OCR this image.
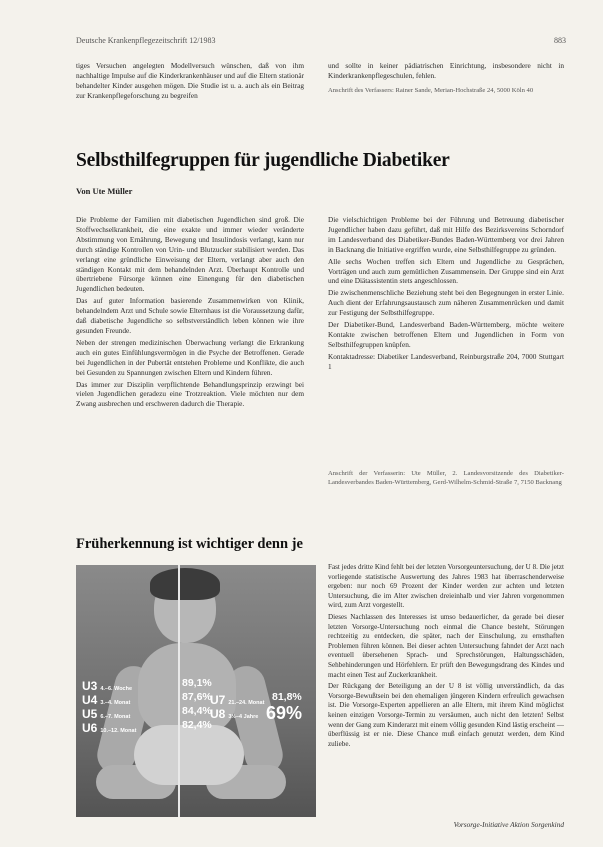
Deutsche Krankenpflegezeitschrift 12/1983	883

tiges Versuchen angelegten Modellversuch wünschen, daß von ihm nachhaltige Impulse auf die Kinderkrankenhäuser und auf die Eltern stationär behandelter Kinder ausgehen mögen. Die Studie ist u. a. auch als ein Beitrag zur Krankenpflegeforschung zu begreifen

und sollte in keiner pädiatrischen Einrichtung, insbesondere nicht in Kinderkrankenpflegeschulen, fehlen.

Anschrift des Verfassers: Rainer Sande, Merian-Hochstraße 24, 5000 Köln 40

Selbsthilfegruppen für jugendliche Diabetiker
Von Ute Müller

Die Probleme der Familien mit diabetischen Jugendlichen sind groß. Die Stoffwechselkrankheit, die eine exakte und immer wieder veränderte Abstimmung von Ernährung, Bewegung und Insulindosis verlangt, kann nur durch ständige Kontrollen von Urin- und Blutzucker stabilisiert werden. Das verlangt eine gründliche Einweisung der Eltern, verlangt aber auch den ständigen Kontakt mit dem behandelnden Arzt. Überhaupt Kontrolle und übertriebene Fürsorge können eine Einengung für den diabetischen Jugendlichen bedeuten.

Das auf guter Information basierende Zusammenwirken von Klinik, behandelndem Arzt und Schule sowie Elternhaus ist die Voraussetzung dafür, daß diabetische Jugendliche so selbstverständlich leben können wie ihre gesunden Freunde.

Neben der strengen medizinischen Überwachung verlangt die Erkrankung auch ein gutes Einfühlungsvermögen in die Psyche der Betroffenen. Gerade bei Jugendlichen in der Pubertät entstehen Probleme und Konflikte, die auch bei Gesunden zu Spannungen zwischen Eltern und Kindern führen.

Das immer zur Disziplin verpflichtende Behandlungsprinzip erzwingt bei vielen Jugendlichen geradezu eine Trotzreaktion. Viele möchten nur dem Zwang ausbrechen und erschweren dadurch die Therapie.

Die vielschichtigen Probleme bei der Führung und Betreuung diabetischer Jugendlicher haben dazu geführt, daß mit Hilfe des Bezirksvereins Schorndorf im Landesverband des Diabetiker-Bundes Baden-Württemberg vor drei Jahren in Backnang die Initiative ergriffen wurde, eine Selbsthilfegruppe zu gründen.

Alle sechs Wochen treffen sich Eltern und Jugendliche zu Gesprächen, Vorträgen und auch zum gemütlichen Zusammensein. Der Gruppe sind ein Arzt und eine Diätassistentin stets angeschlossen.

Die zwischenmenschliche Beziehung steht bei den Begegnungen in erster Linie. Auch dient der Erfahrungsaustausch zum näheren Zusammenrücken und damit zur Festigung der Selbsthilfegruppe.

Der Diabetiker-Bund, Landesverband Baden-Württemberg, möchte weitere Kontakte zwischen betroffenen Eltern und Jugendlichen in Form von Selbsthilfegruppen knüpfen.

Kontaktadresse: Diabetiker Landesverband, Reinburgstraße 204, 7000 Stuttgart 1

Anschrift der Verfasserin: Ute Müller, 2. Landesvorsitzende des Diabetiker-Landesverbandes Baden-Württemberg, Gerd-Wilhelm-Schmid-Straße 7, 7150 Backnang
Früherkennung ist wichtiger denn je
U3 4.–6. Woche	89,1%
U4 3.–4. Monat	87,6%
U5 6.–7. Monat	84,4%
U6 10.–12. Monat	82,4%
U7 21.–24. Monat 81,8%
U8 3½–4 Jahre 69%

Fast jedes dritte Kind fehlt bei der letzten Vorsorgeuntersuchung, der U 8. Die jetzt vorliegende statistische Auswertung des Jahres 1983 hat überraschenderweise ergeben: nur noch 69 Prozent der Kinder werden zur achten und letzten Untersuchung, die im Alter zwischen dreieinhalb und vier Jahren vorgenommen wird, zum Arzt vorgestellt.

Dieses Nachlassen des Interesses ist umso bedauerlicher, da gerade bei dieser letzten Vorsorge-Untersuchung noch einmal die Chance besteht, Störungen rechtzeitig zu entdecken, die später, nach der Einschulung, zu ernsthaften Problemen führen können. Bei dieser achten Untersuchung fahndet der Arzt nach eventuell übersehenen Sprach- und Sprechstörungen, Haltungsschäden, Sehbehinderungen und Hörfehlern. Er prüft den Bewegungsdrang des Kindes und macht einen Test auf Zuckerkrankheit.

Der Rückgang der Beteiligung an der U 8 ist völlig unverständlich, da das Vorsorge-Bewußtsein bei den ehemaligen jüngeren Kindern erfreulich gewachsen ist. Die Vorsorge-Experten appellieren an alle Eltern, mit ihrem Kind möglichst keinen einzigen Vorsorge-Termin zu versäumen, auch nicht den letzten! Selbst wenn der Gang zum Kinderarzt mit einem völlig gesunden Kind lästig erscheint — überflüssig ist er nie. Diese Chance muß einfach genutzt werden, dem Kind zuliebe.

Vorsorge-Initiative Aktion Sorgenkind
